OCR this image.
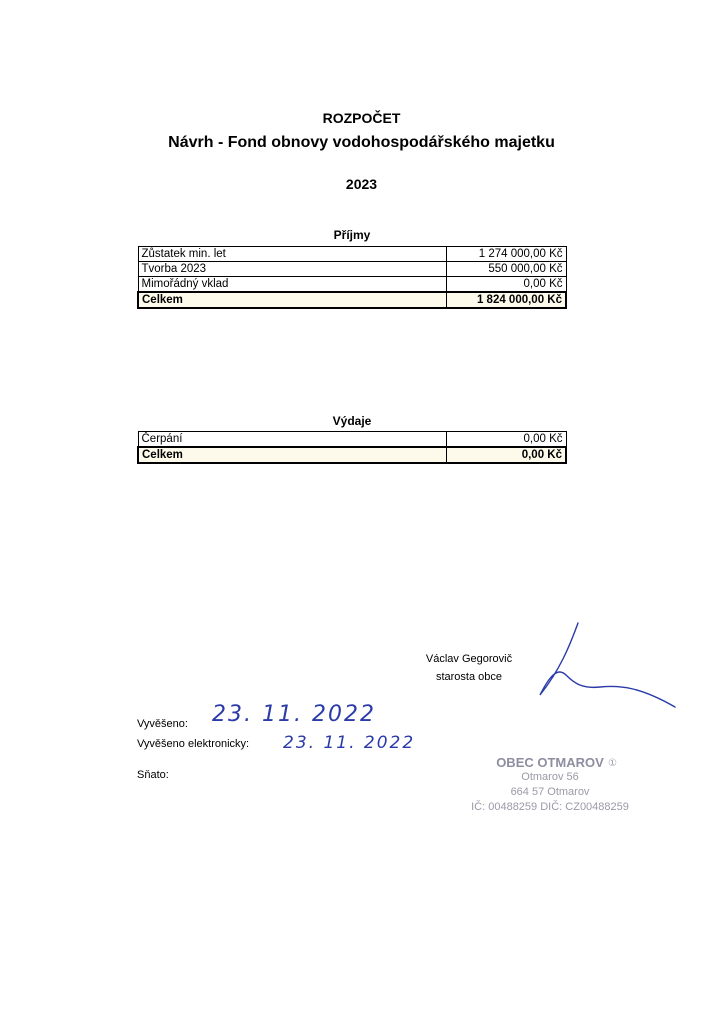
ROZPOČET
Návrh - Fond obnovy vodohospodářského majetku
2023
Příjmy
Zůstatek min. let	1 274 000,00 Kč
Tvorba 2023	550 000,00 Kč
Mimořádný vklad	0,00 Kč
Celkem	1 824 000,00 Kč
Výdaje
Čerpání	0,00 Kč
Celkem	0,00 Kč
Václav Gegorovič
starosta obce
Vyvěšeno: 23. 11. 2022
Vyvěšeno elektronicky: 23. 11. 2022
Sňato:
OBEC OTMAROV ①
Otmarov 56
664 57 Otmarov
IČ: 00488259 DIČ: CZ00488259
